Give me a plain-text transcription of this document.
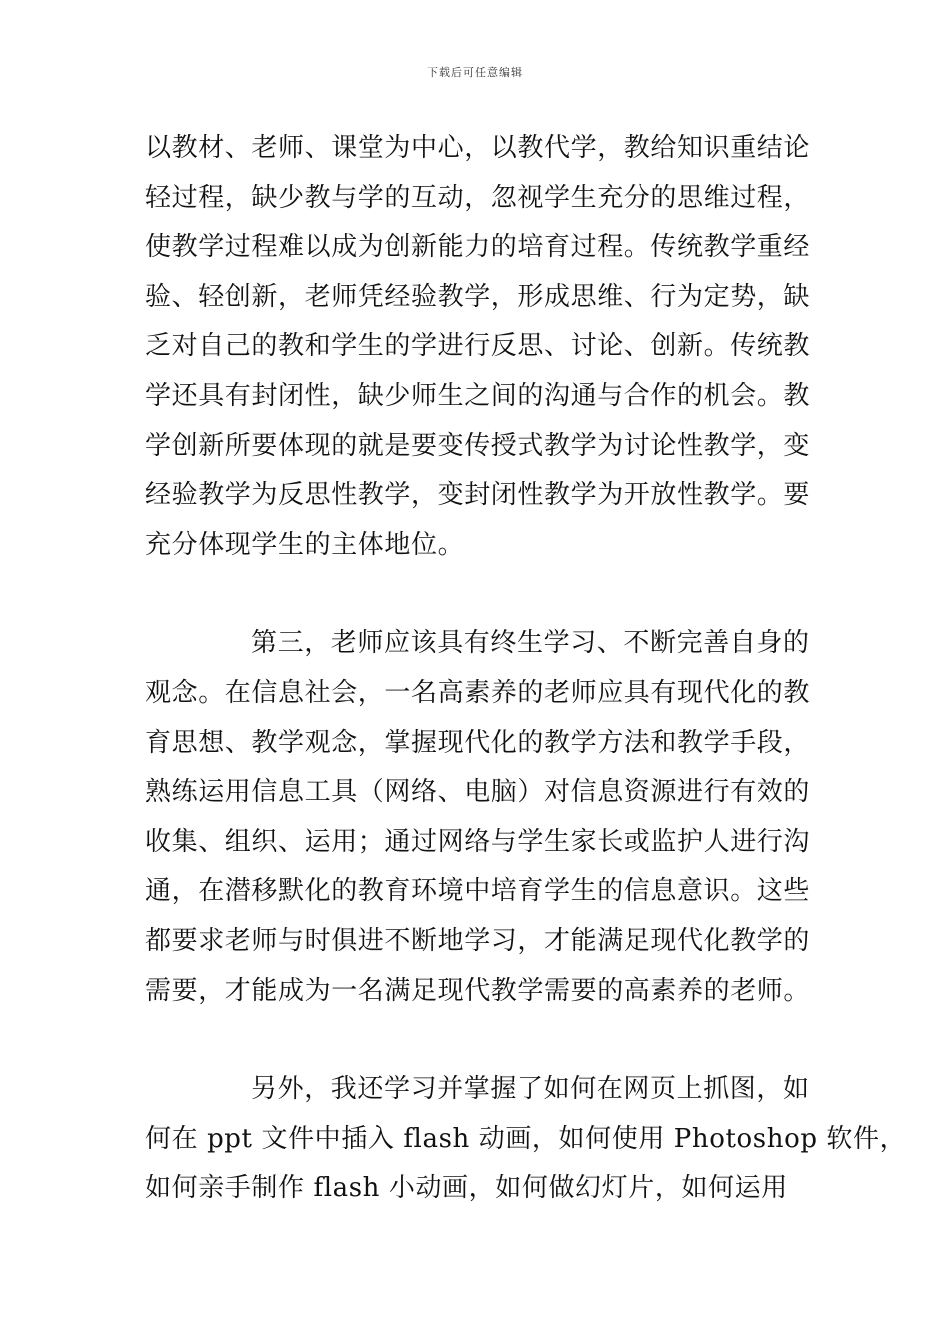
下载后可任意编辑

以教材、老师、课堂为中心，以教代学，教给知识重结论
轻过程，缺少教与学的互动，忽视学生充分的思维过程，
使教学过程难以成为创新能力的培育过程。传统教学重经
验、轻创新，老师凭经验教学，形成思维、行为定势，缺
乏对自己的教和学生的学进行反思、讨论、创新。传统教
学还具有封闭性，缺少师生之间的沟通与合作的机会。教
学创新所要体现的就是要变传授式教学为讨论性教学，变
经验教学为反思性教学，变封闭性教学为开放性教学。要
充分体现学生的主体地位。

第三，老师应该具有终生学习、不断完善自身的
观念。在信息社会，一名高素养的老师应具有现代化的教
育思想、教学观念，掌握现代化的教学方法和教学手段，
熟练运用信息工具（网络、电脑）对信息资源进行有效的
收集、组织、运用；通过网络与学生家长或监护人进行沟
通，在潜移默化的教育环境中培育学生的信息意识。这些
都要求老师与时俱进不断地学习，才能满足现代化教学的
需要，才能成为一名满足现代教学需要的高素养的老师。

另外，我还学习并掌握了如何在网页上抓图，如
何在 ppt 文件中插入 flash 动画，如何使用 Photoshop 软件，
如何亲手制作 flash 小动画，如何做幻灯片，如何运用
